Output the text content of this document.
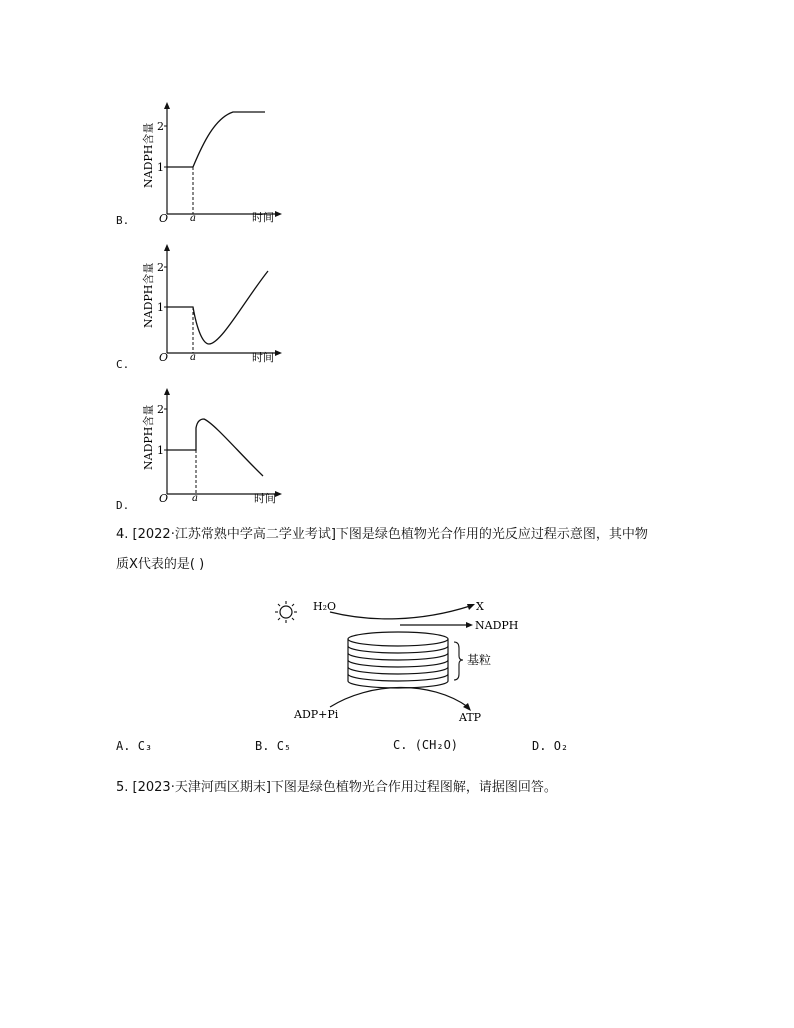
B.
2
1
O a	时间
NADPH含量
C.
2
1
O a	时间
NADPH含量
D.
2
1
O a	时间
NADPH含量
4. [2022·江苏常熟中学高二学业考试]下图是绿色植物光合作用的光反应过程示意图，其中物
质X代表的是( )
H₂O	X
NADPH
基粒
ADP+Pi	ATP
A. C₃	B. C₅	C. (CH₂O)	D. O₂
5. [2023·天津河西区期末]下图是绿色植物光合作用过程图解，请据图回答。
